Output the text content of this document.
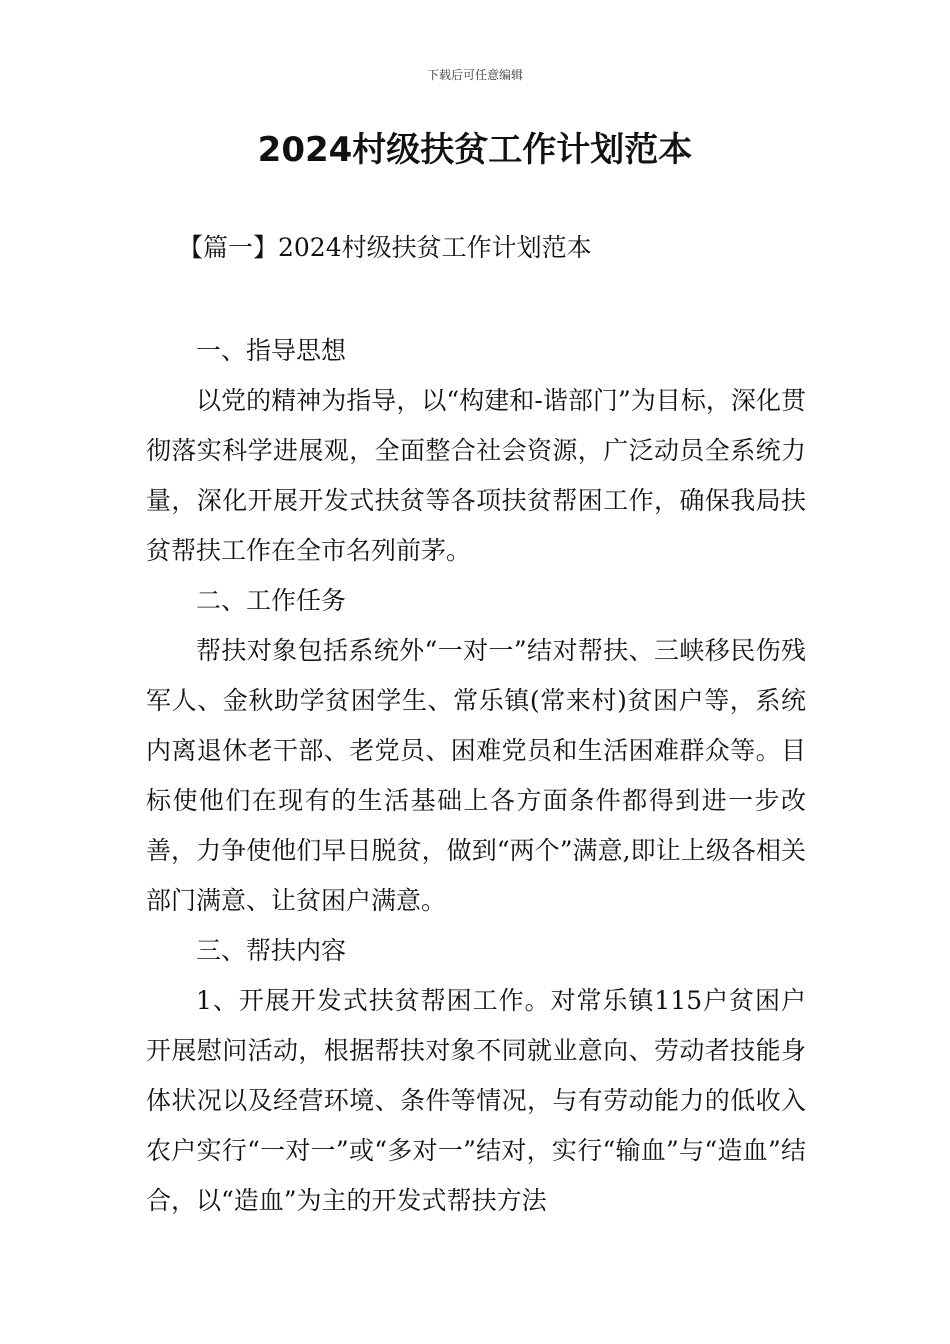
下载后可任意编辑
2024村级扶贫工作计划范本
【篇一】2024村级扶贫工作计划范本

一、指导思想

以党的精神为指导，以“构建和-谐部门”为目标，深化贯彻落实科学进展观，全面整合社会资源，广泛动员全系统力量，深化开展开发式扶贫等各项扶贫帮困工作，确保我局扶贫帮扶工作在全市名列前茅。

二、工作任务

帮扶对象包括系统外“一对一”结对帮扶、三峡移民伤残军人、金秋助学贫困学生、常乐镇(常来村)贫困户等，系统内离退休老干部、老党员、困难党员和生活困难群众等。目标使他们在现有的生活基础上各方面条件都得到进一步改善，力争使他们早日脱贫，做到“两个”满意,即让上级各相关部门满意、让贫困户满意。

三、帮扶内容

1、开展开发式扶贫帮困工作。对常乐镇115户贫困户开展慰问活动，根据帮扶对象不同就业意向、劳动者技能身体状况以及经营环境、条件等情况，与有劳动能力的低收入农户实行“一对一”或“多对一”结对，实行“输血”与“造血”结合，以“造血”为主的开发式帮扶方法
